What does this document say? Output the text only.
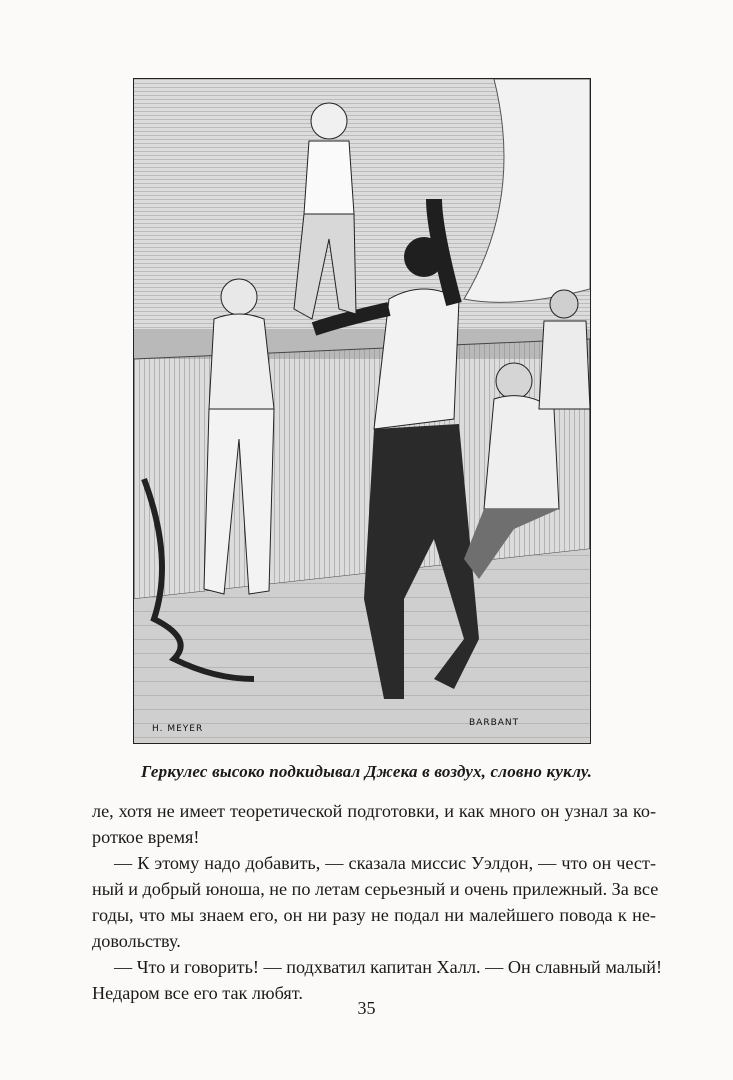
H. MEYER
BARBANT
Геркулес высоко подкидывал Джека в воздух, словно куклу.
ле, хотя не имеет теоретической подготовки, и как много он узнал за ко-
роткое время!
— К этому надо добавить, — сказала миссис Уэлдон, — что он чест-
ный и добрый юноша, не по летам серьезный и очень прилежный. За все
годы, что мы знаем его, он ни разу не подал ни малейшего повода к не-
довольству.
— Что и говорить! — подхватил капитан Халл. — Он славный малый!
Недаром все его так любят.
35
